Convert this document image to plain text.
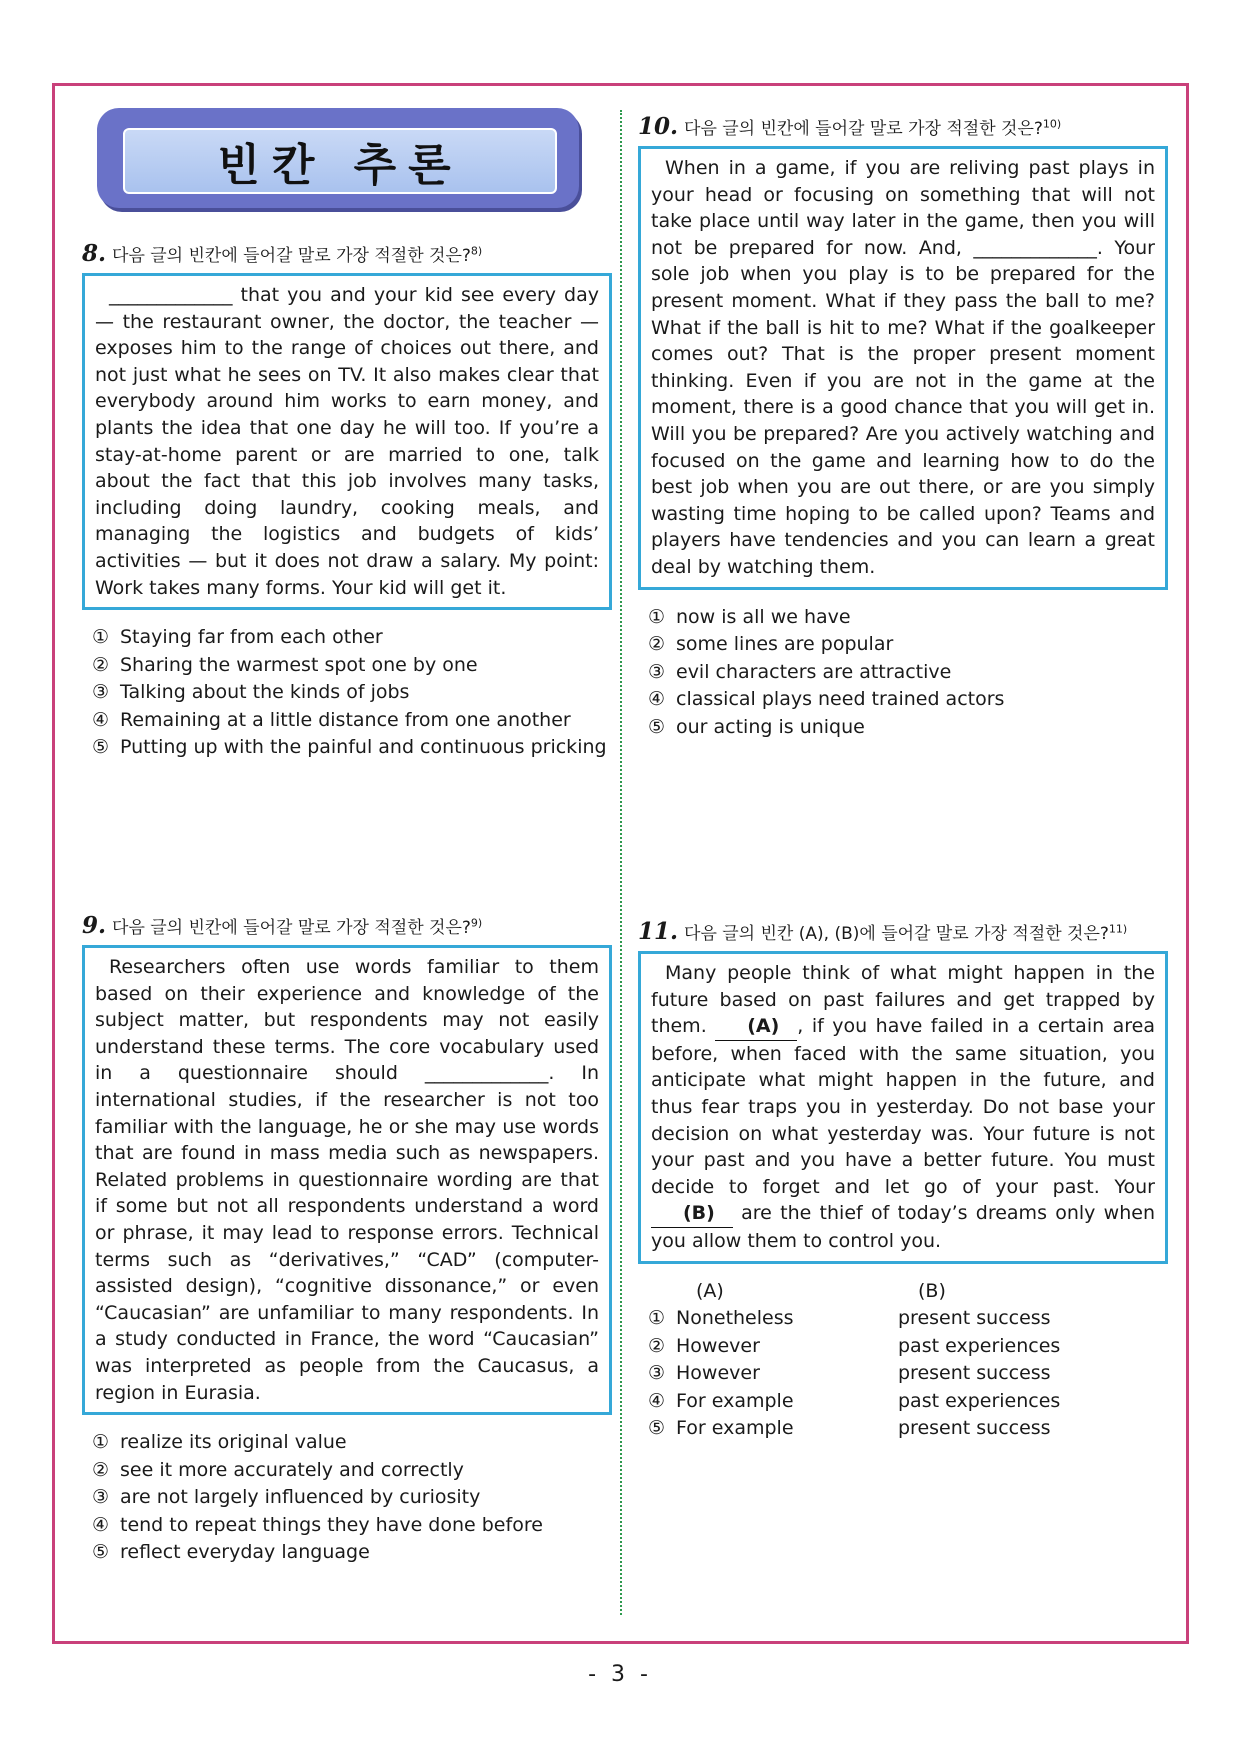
빈칸 추론
8. 다음 글의 빈칸에 들어갈 말로 가장 적절한 것은?$^{8)}$

_____________ that you and your kid see every day — the restaurant owner, the doctor, the teacher — exposes him to the range of choices out there, and not just what he sees on TV. It also makes clear that everybody around him works to earn money, and plants the idea that one day he will too. If you’re a stay-at-home parent or are married to one, talk about the fact that this job involves many tasks, including doing laundry, cooking meals, and managing the logistics and budgets of kids’ activities — but it does not draw a salary. My point: Work takes many forms. Your kid will get it.

① Staying far from each other
② Sharing the warmest spot one by one
③ Talking about the kinds of jobs
④ Remaining at a little distance from one another
⑤ Putting up with the painful and continuous pricking
9. 다음 글의 빈칸에 들어갈 말로 가장 적절한 것은?$^{9)}$

Researchers often use words familiar to them based on their experience and knowledge of the subject matter, but respondents may not easily understand these terms. The core vocabulary used in a questionnaire should _____________. In international studies, if the researcher is not too familiar with the language, he or she may use words that are found in mass media such as newspapers. Related problems in questionnaire wording are that if some but not all respondents understand a word or phrase, it may lead to response errors. Technical terms such as “derivatives,” “CAD” (computer-assisted design), “cognitive dissonance,” or even “Caucasian” are unfamiliar to many respondents. In a study conducted in France, the word “Caucasian” was interpreted as people from the Caucasus, a region in Eurasia.

① realize its original value
② see it more accurately and correctly
③ are not largely influenced by curiosity
④ tend to repeat things they have done before
⑤ reflect everyday language
10. 다음 글의 빈칸에 들어갈 말로 가장 적절한 것은?$^{10)}$

When in a game, if you are reliving past plays in your head or focusing on something that will not take place until way later in the game, then you will not be prepared for now. And, _____________. Your sole job when you play is to be prepared for the present moment. What if they pass the ball to me? What if the ball is hit to me? What if the goalkeeper comes out? That is the proper present moment thinking. Even if you are not in the game at the moment, there is a good chance that you will get in. Will you be prepared? Are you actively watching and focused on the game and learning how to do the best job when you are out there, or are you simply wasting time hoping to be called upon? Teams and players have tendencies and you can learn a great deal by watching them.

① now is all we have
② some lines are popular
③ evil characters are attractive
④ classical plays need trained actors
⑤ our acting is unique
11. 다음 글의 빈칸 (A), (B)에 들어갈 말로 가장 적절한 것은?$^{11)}$

Many people think of what might happen in the future based on past failures and get trapped by them. (A) , if you have failed in a certain area before, when faced with the same situation, you anticipate what might happen in the future, and thus fear traps you in yesterday. Do not base your decision on what yesterday was. Your future is not your past and you have a better future. You must decide to forget and let go of your past. Your (B) are the thief of today’s dreams only when you allow them to control you.

(A)	(B)
① Nonetheless	present success
② However	past experiences
③ However	present success
④ For example	past experiences
⑤ For example	present success
- 3 -
